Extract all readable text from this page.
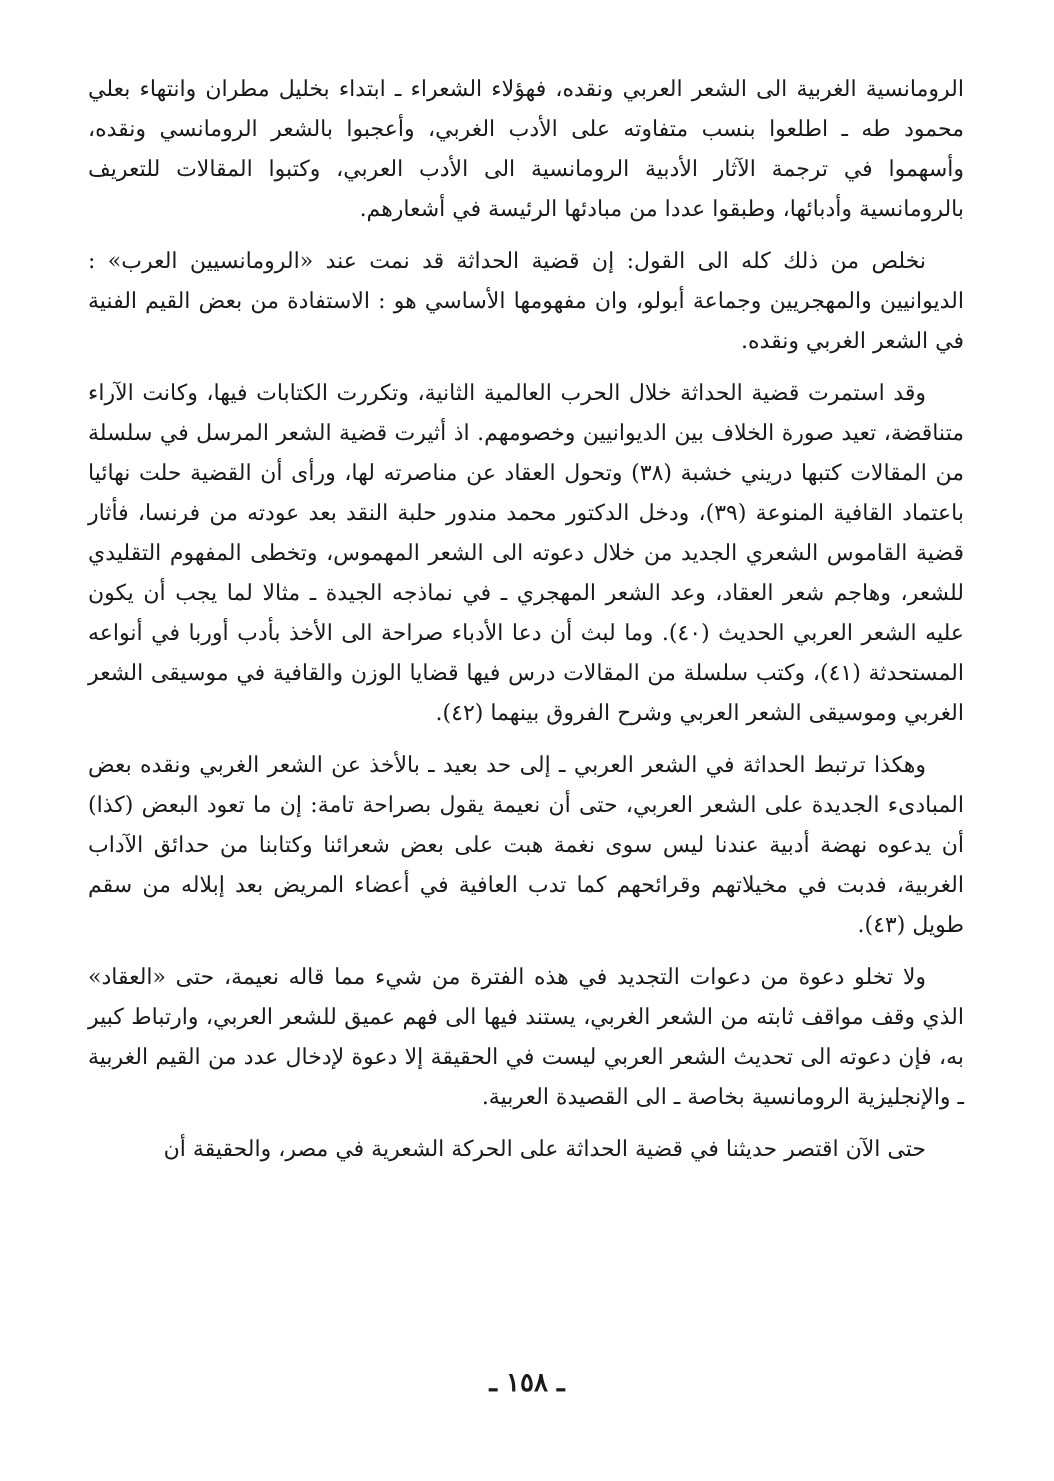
الرومانسية الغربية الى الشعر العربي ونقده، فهؤلاء الشعراء ـ ابتداء بخليل مطران وانتهاء بعلي محمود طه ـ اطلعوا بنسب متفاوته على الأدب الغربي، وأعجبوا بالشعر الرومانسي ونقده، وأسهموا في ترجمة الآثار الأدبية الرومانسية الى الأدب العربي، وكتبوا المقالات للتعريف بالرومانسية وأدبائها، وطبقوا عددا من مبادئها الرئيسة في أشعارهم.

نخلص من ذلك كله الى القول: إن قضية الحداثة قد نمت عند «الرومانسيين العرب» : الديوانيين والمهجريين وجماعة أبولو، وان مفهومها الأساسي هو : الاستفادة من بعض القيم الفنية في الشعر الغربي ونقده.

وقد استمرت قضية الحداثة خلال الحرب العالمية الثانية، وتكررت الكتابات فيها، وكانت الآراء متناقضة، تعيد صورة الخلاف بين الديوانيين وخصومهم. اذ أثيرت قضية الشعر المرسل في سلسلة من المقالات كتبها دريني خشبة (٣٨) وتحول العقاد عن مناصرته لها، ورأى أن القضية حلت نهائيا باعتماد القافية المنوعة (٣٩)، ودخل الدكتور محمد مندور حلبة النقد بعد عودته من فرنسا، فأثار قضية القاموس الشعري الجديد من خلال دعوته الى الشعر المهموس، وتخطى المفهوم التقليدي للشعر، وهاجم شعر العقاد، وعد الشعر المهجري ـ في نماذجه الجيدة ـ مثالا لما يجب أن يكون عليه الشعر العربي الحديث (٤٠). وما لبث أن دعا الأدباء صراحة الى الأخذ بأدب أوربا في أنواعه المستحدثة (٤١)، وكتب سلسلة من المقالات درس فيها قضايا الوزن والقافية في موسيقى الشعر الغربي وموسيقى الشعر العربي وشرح الفروق بينهما (٤٢).

وهكذا ترتبط الحداثة في الشعر العربي ـ إلى حد بعيد ـ بالأخذ عن الشعر الغربي ونقده بعض المبادىء الجديدة على الشعر العربي، حتى أن نعيمة يقول بصراحة تامة: إن ما تعود البعض (كذا) أن يدعوه نهضة أدبية عندنا ليس سوى نغمة هبت على بعض شعرائنا وكتابنا من حدائق الآداب الغربية، فدبت في مخيلاتهم وقرائحهم كما تدب العافية في أعضاء المريض بعد إبلاله من سقم طويل (٤٣).

ولا تخلو دعوة من دعوات التجديد في هذه الفترة من شيء مما قاله نعيمة، حتى «العقاد» الذي وقف مواقف ثابته من الشعر الغربي، يستند فيها الى فهم عميق للشعر العربي، وارتباط كبير به، فإن دعوته الى تحديث الشعر العربي ليست في الحقيقة إلا دعوة لإدخال عدد من القيم الغربية ـ والإنجليزية الرومانسية بخاصة ـ الى القصيدة العربية.

حتى الآن اقتصر حديثنا في قضية الحداثة على الحركة الشعرية في مصر، والحقيقة أن

ـ ١٥٨ ـ
